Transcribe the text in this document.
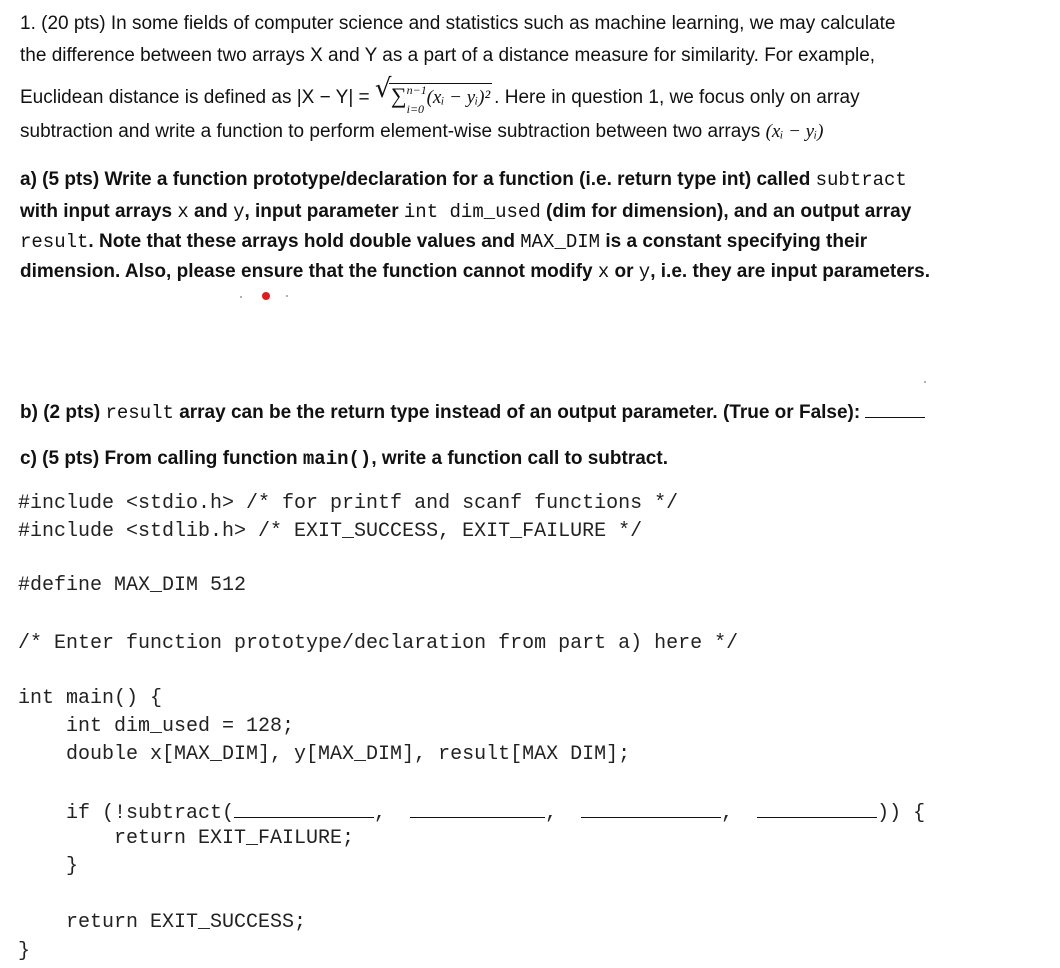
1. (20 pts) In some fields of computer science and statistics such as machine learning, we may calculate
the difference between two arrays X and Y as a part of a distance measure for similarity. For example,
Euclidean distance is defined as |X − Y| = √ ∑ n−1
i=0
(xᵢ − yᵢ)² . Here in question 1, we focus only on array
subtraction and write a function to perform element-wise subtraction between two arrays (xᵢ − yᵢ)
a) (5 pts) Write a function prototype/declaration for a function (i.e. return type int) called subtract
with input arrays x and y, input parameter int dim_used (dim for dimension), and an output array
result. Note that these arrays hold double values and MAX_DIM is a constant specifying their
dimension. Also, please ensure that the function cannot modify x or y, i.e. they are input parameters.
b) (2 pts) result array can be the return type instead of an output parameter. (True or False):
c) (5 pts) From calling function main(), write a function call to subtract.
#include <stdio.h> /* for printf and scanf functions */
#include <stdlib.h> /* EXIT_SUCCESS, EXIT_FAILURE */
#define MAX_DIM 512
/* Enter function prototype/declaration from part a) here */
int main() {
int dim_used = 128;
double x[MAX_DIM], y[MAX_DIM], result[MAX DIM];
if (!subtract(	,	,	,	)) {
return EXIT_FAILURE;
}
return EXIT_SUCCESS;
}
